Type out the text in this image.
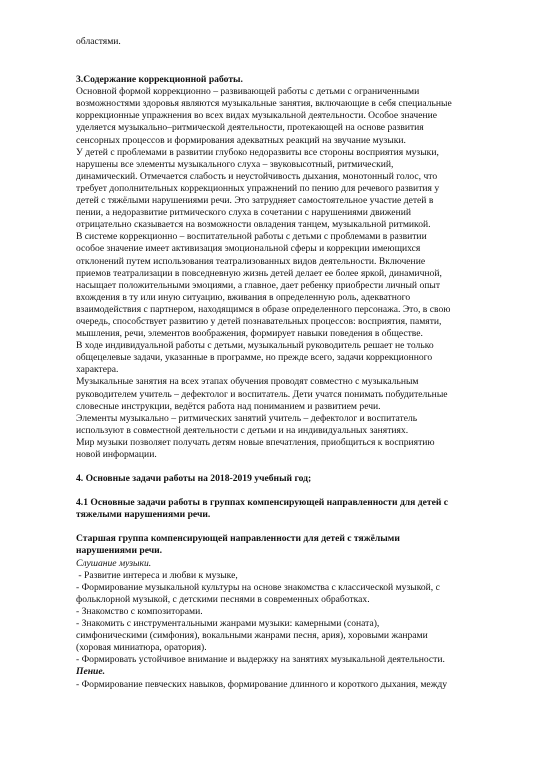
областями.
3.Содержание коррекционной работы.
Основной формой коррекционно – развивающей работы с детьми с ограниченными
возможностями здоровья являются музыкальные занятия, включающие в себя специальные
коррекционные упражнения во всех видах музыкальной деятельности. Особое значение
уделяется музыкально–ритмической деятельности, протекающей на основе развития
сенсорных процессов и формирования адекватных реакций на звучание музыки.
У детей с проблемами в развитии глубоко недоразвиты все стороны восприятия музыки,
нарушены все элементы музыкального слуха – звуковысотный, ритмический,
динамический. Отмечается слабость и неустойчивость дыхания, монотонный голос, что
требует дополнительных коррекционных упражнений по пению для речевого развития у
детей с тяжёлыми нарушениями речи. Это затрудняет самостоятельное участие детей в
пении, а недоразвитие ритмического слуха в сочетании с нарушениями движений
отрицательно сказывается на возможности овладения танцем, музыкальной ритмикой.
В системе коррекционно – воспитательной работы с детьми с проблемами в развитии
особое значение имеет активизация эмоциональной сферы и коррекции имеющихся
отклонений путем использования театрализованных видов деятельности. Включение
приемов театрализации в повседневную жизнь детей делает ее более яркой, динамичной,
насыщает положительными эмоциями, а главное, дает ребенку приобрести личный опыт
вхождения в ту или иную ситуацию, вживания в определенную роль, адекватного
взаимодействия с партнером, находящимся в образе определенного персонажа. Это, в свою
очередь, способствует развитию у детей познавательных процессов: восприятия, памяти,
мышления, речи, элементов воображения, формирует навыки поведения в обществе.
В ходе индивидуальной работы с детьми, музыкальный руководитель решает не только
общецелевые задачи, указанные в программе, но прежде всего, задачи коррекционного
характера.
Музыкальные занятия на всех этапах обучения проводят совместно с музыкальным
руководителем учитель – дефектолог и воспитатель. Дети учатся понимать побудительные
словесные инструкции, ведётся работа над пониманием и развитием речи.
Элементы музыкально – ритмических занятий учитель – дефектолог и воспитатель
используют в совместной деятельности с детьми и на индивидуальных занятиях.
Мир музыки позволяет получать детям новые впечатления, приобщиться к восприятию
новой информации.
4. Основные задачи работы на 2018-2019 учебный год;
4.1 Основные задачи работы в группах компенсирующей направленности для детей с
тяжелыми нарушениями речи.
Старшая группа компенсирующей направленности для детей с тяжёлыми
нарушениями речи.
Слушание музыки.
- Развитие интереса и любви к музыке,
- Формирование музыкальной культуры на основе знакомства с классической музыкой, с
фольклорной музыкой, с детскими песнями в современных обработках.
- Знакомство с композиторами.
- Знакомить с инструментальными жанрами музыки: камерными (соната),
симфоническими (симфония), вокальными жанрами песня, ария), хоровыми жанрами
(хоровая миниатюра, оратория).
- Формировать устойчивое внимание и выдержку на занятиях музыкальной деятельности.
Пение.
- Формирование певческих навыков, формирование длинного и короткого дыхания, между
